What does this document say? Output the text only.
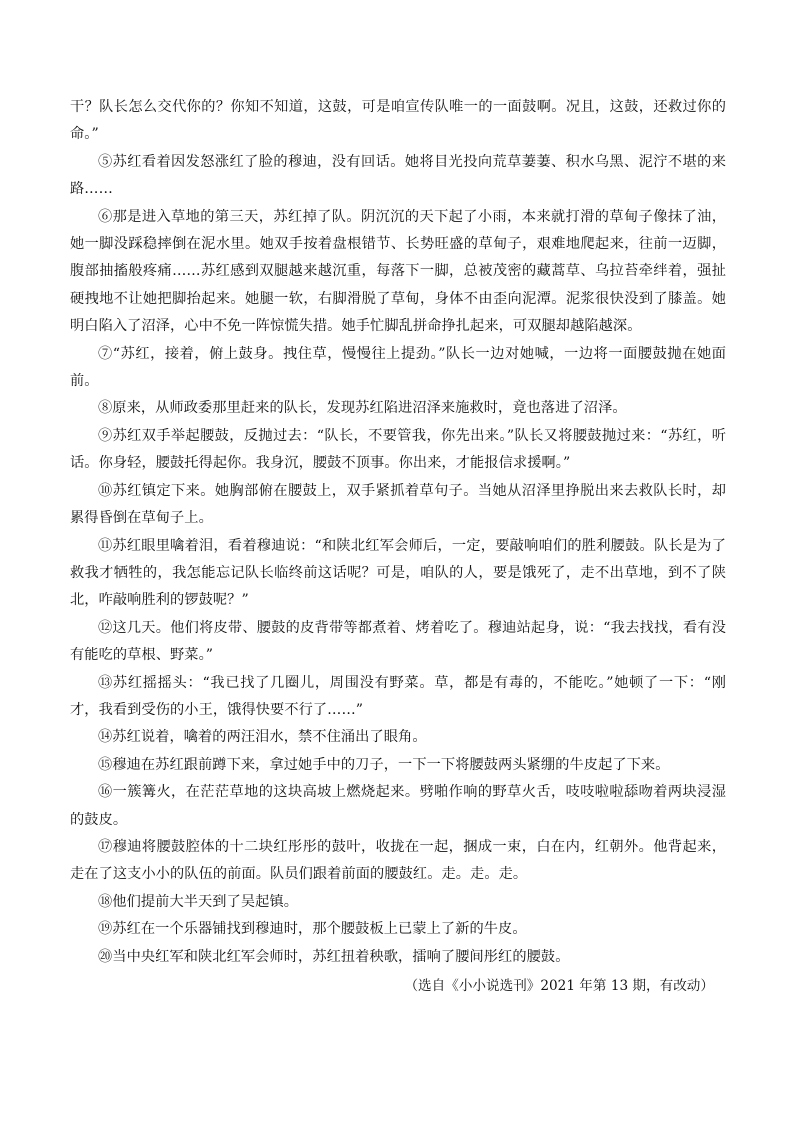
干？队长怎么交代你的？你知不知道，这鼓，可是咱宣传队唯一的一面鼓啊。况且，这鼓，还救过你的命。”

⑤苏红看着因发怒涨红了脸的穆迪，没有回话。她将目光投向荒草萋萋、积水乌黑、泥泞不堪的来路……

⑥那是进入草地的第三天，苏红掉了队。阴沉沉的天下起了小雨，本来就打滑的草甸子像抹了油，她一脚没踩稳摔倒在泥水里。她双手按着盘根错节、长势旺盛的草甸子，艰难地爬起来，往前一迈脚，腹部抽搐般疼痛……苏红感到双腿越来越沉重，每落下一脚，总被茂密的藏蒿草、乌拉苔牵绊着，强扯硬拽地不让她把脚抬起来。她腿一软，右脚滑脱了草甸，身体不由歪向泥潭。泥浆很快没到了膝盖。她明白陷入了沼泽，心中不免一阵惊慌失措。她手忙脚乱拼命挣扎起来，可双腿却越陷越深。

⑦“苏红，接着，俯上鼓身。拽住草，慢慢往上提劲。”队长一边对她喊，一边将一面腰鼓抛在她面前。

⑧原来，从师政委那里赶来的队长，发现苏红陷进沼泽来施救时，竟也落进了沼泽。

⑨苏红双手举起腰鼓，反抛过去：“队长，不要管我，你先出来。”队长又将腰鼓抛过来：“苏红，听话。你身轻，腰鼓托得起你。我身沉，腰鼓不顶事。你出来，才能报信求援啊。”

⑩苏红镇定下来。她胸部俯在腰鼓上，双手紧抓着草句子。当她从沼泽里挣脱出来去救队长时，却累得昏倒在草甸子上。

⑪苏红眼里噙着泪，看着穆迪说：“和陕北红军会师后，一定，要敲响咱们的胜利腰鼓。队长是为了救我才牺牲的，我怎能忘记队长临终前这话呢？可是，咱队的人，要是饿死了，走不出草地，到不了陕北，咋敲响胜利的锣鼓呢？”

⑫这几天。他们将皮带、腰鼓的皮背带等都煮着、烤着吃了。穆迪站起身，说：“我去找找，看有没有能吃的草根、野菜。”

⑬苏红摇摇头：“我已找了几圈儿，周围没有野菜。草，都是有毒的，不能吃。”她顿了一下：“刚才，我看到受伤的小王，饿得快要不行了……”

⑭苏红说着，噙着的两汪泪水，禁不住涌出了眼角。

⑮穆迪在苏红跟前蹲下来，拿过她手中的刀子，一下一下将腰鼓两头紧绷的牛皮起了下来。

⑯一簇篝火，在茫茫草地的这块高坡上燃烧起来。劈啪作响的野草火舌，吱吱啦啦舔吻着两块浸湿的鼓皮。

⑰穆迪将腰鼓腔体的十二块红彤彤的鼓叶，收拢在一起，捆成一束，白在内，红朝外。他背起来，走在了这支小小的队伍的前面。队员们跟着前面的腰鼓红。走。走。走。

⑱他们提前大半天到了吴起镇。

⑲苏红在一个乐器铺找到穆迪时，那个腰鼓板上已蒙上了新的牛皮。

⑳当中央红军和陕北红军会师时，苏红扭着秧歌，擂响了腰间彤红的腰鼓。

（选自《小小说选刊》2021 年第 13 期，有改动）
